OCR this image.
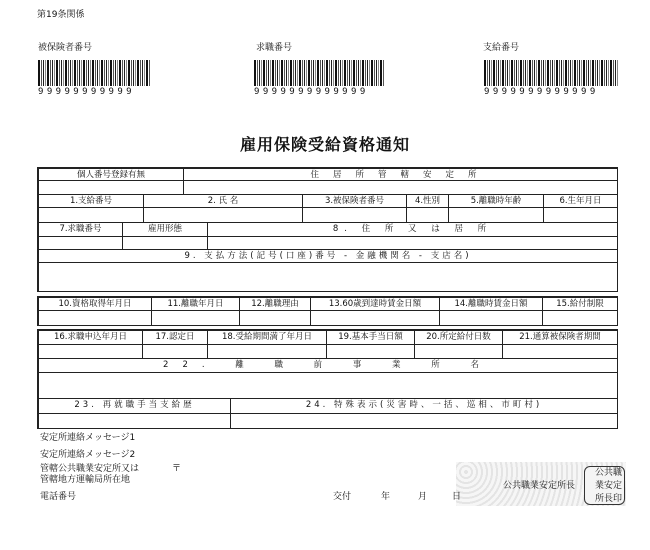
第19条関係
被保険者番号
99999999999
求職番号
9999999999999
支給番号
9999999999999
雇用保険受給資格通知
個人番号登録有無	住居所管轄安定所
1.支給番号	2. 氏 名	3.被保険者番号	4.性別	5.離職時年齢	6.生年月日
7.求職番号	雇用形態	8. 住 所 又 は 居 所
9. 支払方法(記号(口座)番号 - 金融機関名 - 支店名)
10.資格取得年月日	11.離職年月日	12.離職理由	13.60歳到達時賃金日額	14.離職時賃金日額	15.給付制限
16.求職申込年月日	17.認定日	18.受給期間満了年月日	19.基本手当日額	20.所定給付日数	21.通算被保険者期間
22. 離 職 前 事 業 所 名
23. 再就職手当支給歴	24. 特殊表示(災害時、一括、巡相、市町村)
安定所連絡メッセージ1
安定所連絡メッセージ2
管轄公共職業安定所又は
管轄地方運輸局所在地
〒
電話番号	交付	年	月	日
公共職業安定所長
公共職
業安定
所長印
